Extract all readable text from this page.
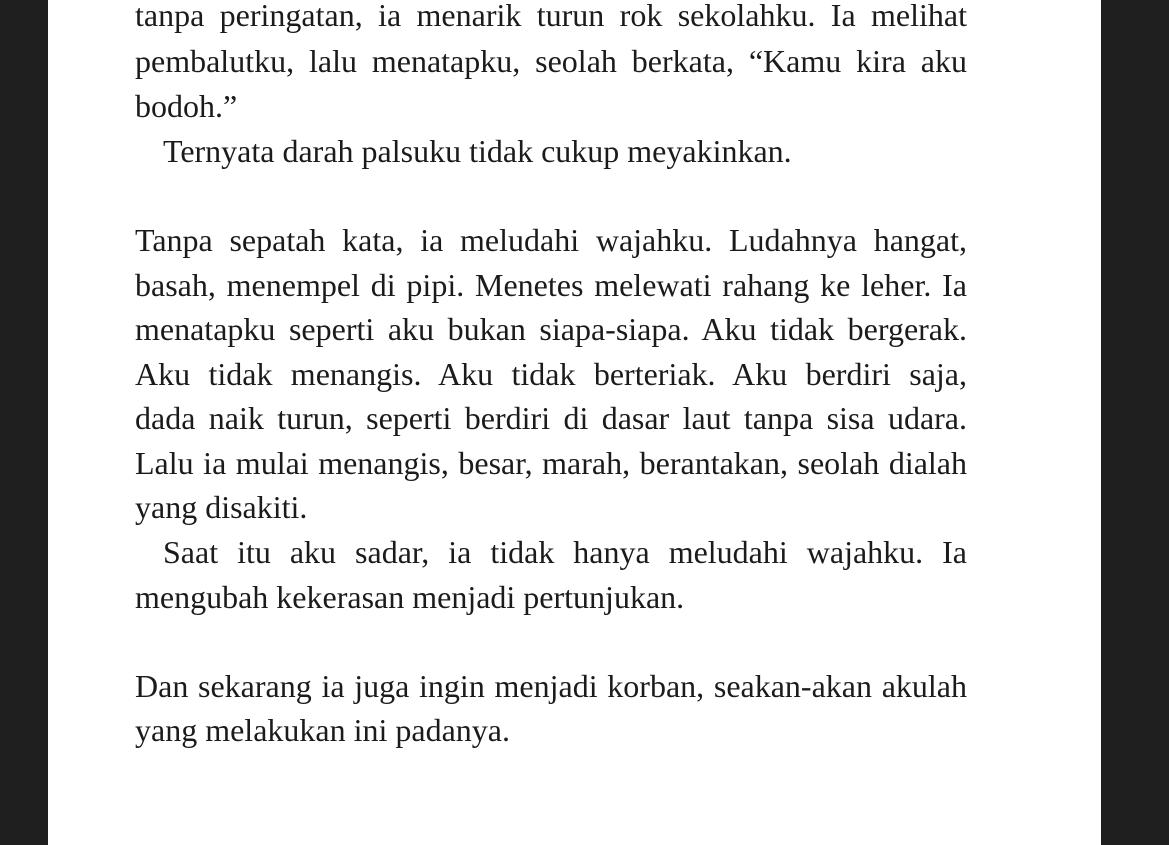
tanpa peringatan, ia menarik turun rok sekolahku. Ia melihat
pembalutku, lalu menatapku, seolah berkata, “Kamu kira aku
bodoh.”
Ternyata darah palsuku tidak cukup meyakinkan.
Tanpa sepatah kata, ia meludahi wajahku. Ludahnya hangat,
basah, menempel di pipi. Menetes melewati rahang ke leher. Ia
menatapku seperti aku bukan siapa-siapa. Aku tidak bergerak.
Aku tidak menangis. Aku tidak berteriak. Aku berdiri saja,
dada naik turun, seperti berdiri di dasar laut tanpa sisa udara.
Lalu ia mulai menangis, besar, marah, berantakan, seolah dialah
yang disakiti.
Saat itu aku sadar, ia tidak hanya meludahi wajahku. Ia
mengubah kekerasan menjadi pertunjukan.
Dan sekarang ia juga ingin menjadi korban, seakan-akan akulah
yang melakukan ini padanya.
